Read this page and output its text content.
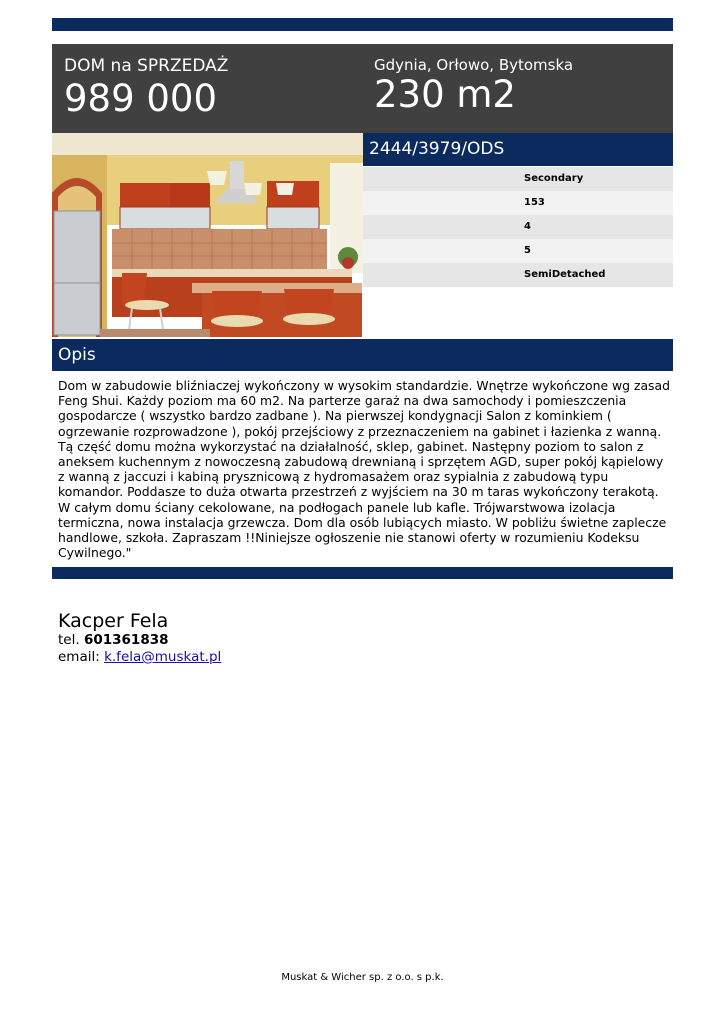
DOM na SPRZEDAŻ
989 000
Gdynia, Orłowo, Bytomska
230 m2
2444/3979/ODS
Secondary
153
4
5
SemiDetached
Opis
Dom w zabudowie bliźniaczej wykończony w wysokim standardzie. Wnętrze wykończone wg zasad Feng Shui. Każdy poziom ma 60 m2. Na parterze garaż na dwa samochody i pomieszczenia gospodarcze ( wszystko bardzo zadbane ). Na pierwszej kondygnacji Salon z kominkiem ( ogrzewanie rozprowadzone ), pokój przejściowy z przeznaczeniem na gabinet i łazienka z wanną. Tą część domu można wykorzystać na działalność, sklep, gabinet. Następny poziom to salon z aneksem kuchennym z nowoczesną zabudową drewnianą i sprzętem AGD, super pokój kąpielowy z wanną z jaccuzi i kabiną prysznicową z hydromasażem oraz sypialnia z zabudową typu komandor. Poddasze to duża otwarta przestrzeń z wyjściem na 30 m taras wykończony terakotą. W całym domu ściany cekolowane, na podłogach panele lub kafle. Trójwarstwowa izolacja termiczna, nowa instalacja grzewcza. Dom dla osób lubiących miasto. W pobliżu świetne zaplecze handlowe, szkoła. Zapraszam !!Niniejsze ogłoszenie nie stanowi oferty w rozumieniu Kodeksu Cywilnego."
Kacper Fela
tel. 601361838
email: k.fela@muskat.pl
Muskat & Wicher sp. z o.o. s p.k.
